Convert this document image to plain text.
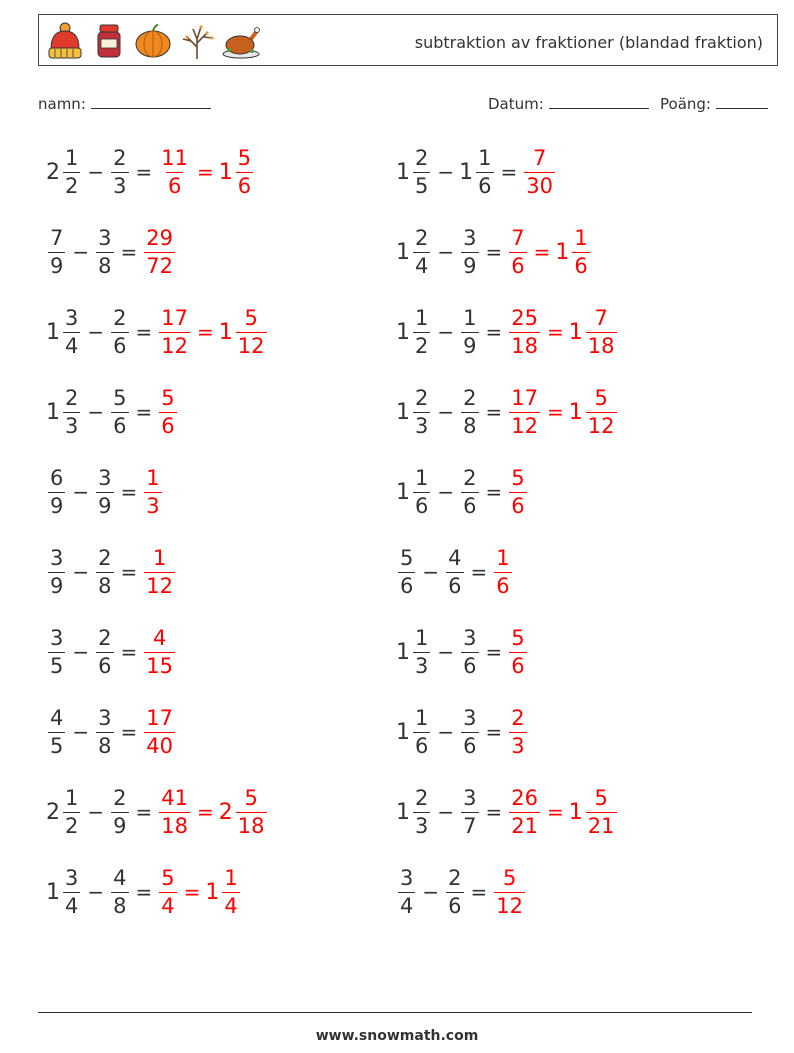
subtraktion av fraktioner (blandad fraktion)
namn:	Datum:	Poäng:
$2 \frac{1}{2} - \frac{2}{3} = \frac{11}{6} = 1 \frac{5}{6}$	$1 \frac{2}{5} - 1 \frac{1}{6} = \frac{7}{30}$
$\frac{7}{9} - \frac{3}{8} = \frac{29}{72}$	$1 \frac{2}{4} - \frac{3}{9} = \frac{7}{6} = 1 \frac{1}{6}$
$1 \frac{3}{4} - \frac{2}{6} = \frac{17}{12} = 1 \frac{5}{12}$	$1 \frac{1}{2} - \frac{1}{9} = \frac{25}{18} = 1 \frac{7}{18}$
$1 \frac{2}{3} - \frac{5}{6} = \frac{5}{6}$	$1 \frac{2}{3} - \frac{2}{8} = \frac{17}{12} = 1 \frac{5}{12}$
$\frac{6}{9} - \frac{3}{9} = \frac{1}{3}$	$1 \frac{1}{6} - \frac{2}{6} = \frac{5}{6}$
$\frac{3}{9} - \frac{2}{8} = \frac{1}{12}$	$\frac{5}{6} - \frac{4}{6} = \frac{1}{6}$
$\frac{3}{5} - \frac{2}{6} = \frac{4}{15}$	$1 \frac{1}{3} - \frac{3}{6} = \frac{5}{6}$
$\frac{4}{5} - \frac{3}{8} = \frac{17}{40}$	$1 \frac{1}{6} - \frac{3}{6} = \frac{2}{3}$
$2 \frac{1}{2} - \frac{2}{9} = \frac{41}{18} = 2 \frac{5}{18}$	$1 \frac{2}{3} - \frac{3}{7} = \frac{26}{21} = 1 \frac{5}{21}$
$1 \frac{3}{4} - \frac{4}{8} = \frac{5}{4} = 1 \frac{1}{4}$	$\frac{3}{4} - \frac{2}{6} = \frac{5}{12}$
www.snowmath.com
